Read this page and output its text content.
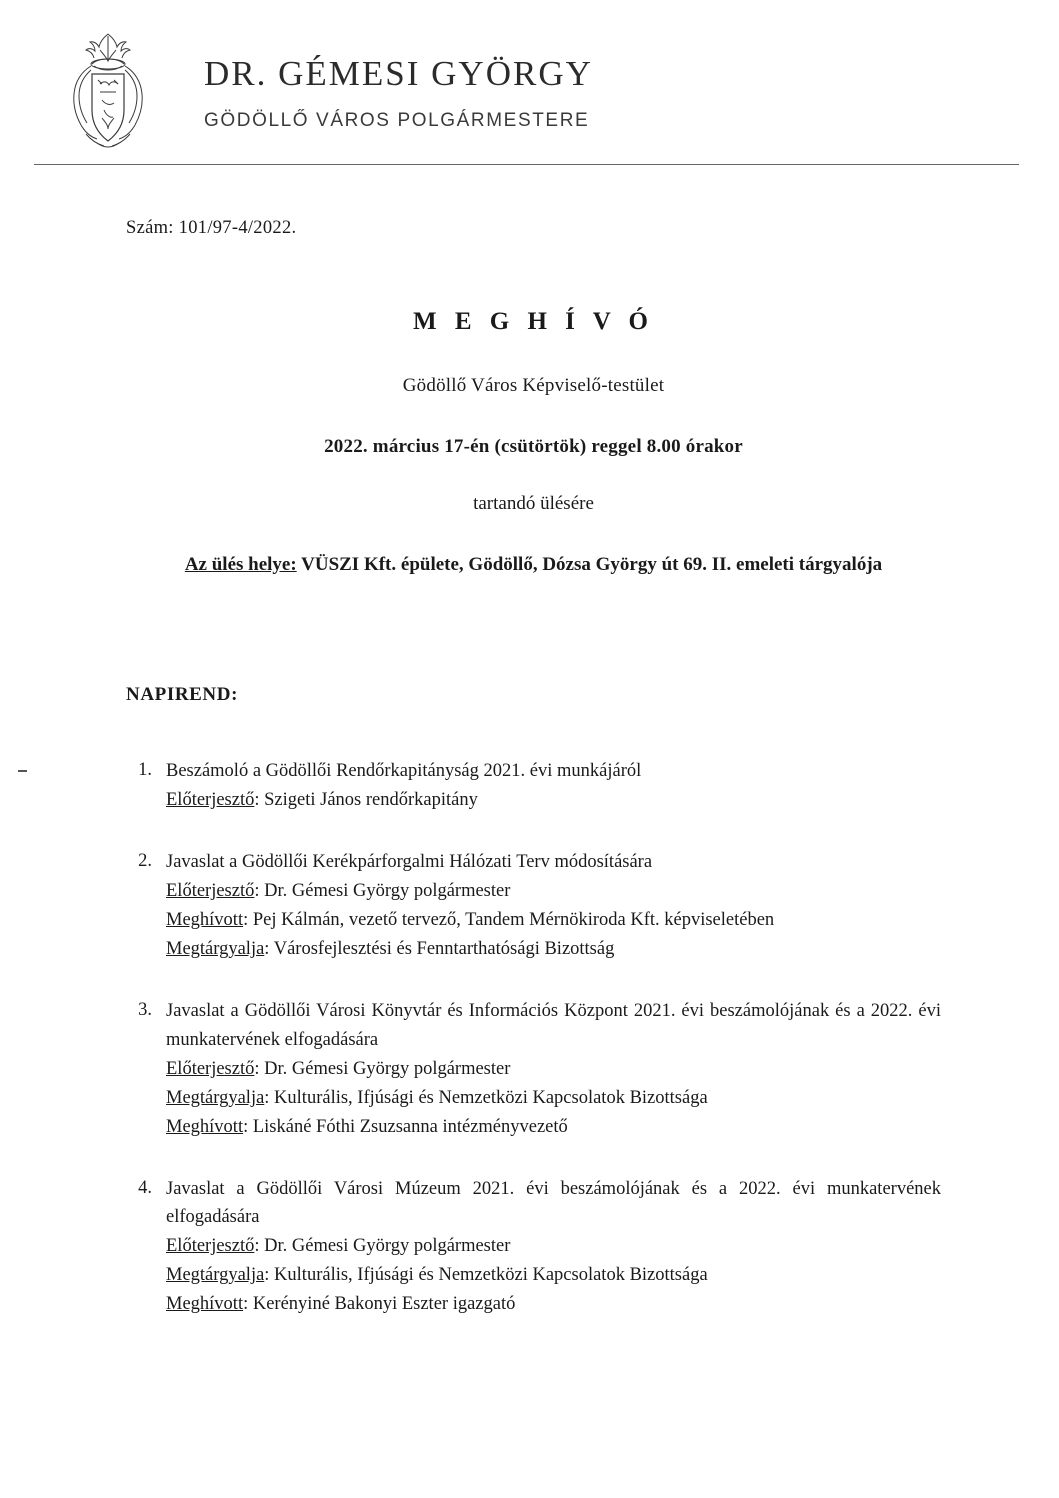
DR. GÉMESI GYÖRGY
GÖDÖLLŐ VÁROS POLGÁRMESTERE
Szám: 101/97-4/2022.
M E G H Í V Ó
Gödöllő Város Képviselő-testület
2022. március 17-én (csütörtök) reggel 8.00 órakor
tartandó ülésére
Az ülés helye: VÜSZI Kft. épülete, Gödöllő, Dózsa György út 69. II. emeleti tárgyalója
NAPIREND:
1. Beszámoló a Gödöllői Rendőrkapitányság 2021. évi munkájáról
Előterjesztő: Szigeti János rendőrkapitány
2. Javaslat a Gödöllői Kerékpárforgalmi Hálózati Terv módosítására
Előterjesztő: Dr. Gémesi György polgármester
Meghívott: Pej Kálmán, vezető tervező, Tandem Mérnökiroda Kft. képviseletében
Megtárgyalja: Városfejlesztési és Fenntarthatósági Bizottság
3. Javaslat a Gödöllői Városi Könyvtár és Információs Központ 2021. évi beszámolójának és a 2022. évi munkatervének elfogadására
Előterjesztő: Dr. Gémesi György polgármester
Megtárgyalja: Kulturális, Ifjúsági és Nemzetközi Kapcsolatok Bizottsága
Meghívott: Liskáné Fóthi Zsuzsanna intézményvezető
4. Javaslat a Gödöllői Városi Múzeum 2021. évi beszámolójának és a 2022. évi munkatervének elfogadására
Előterjesztő: Dr. Gémesi György polgármester
Megtárgyalja: Kulturális, Ifjúsági és Nemzetközi Kapcsolatok Bizottsága
Meghívott: Kerényiné Bakonyi Eszter igazgató
